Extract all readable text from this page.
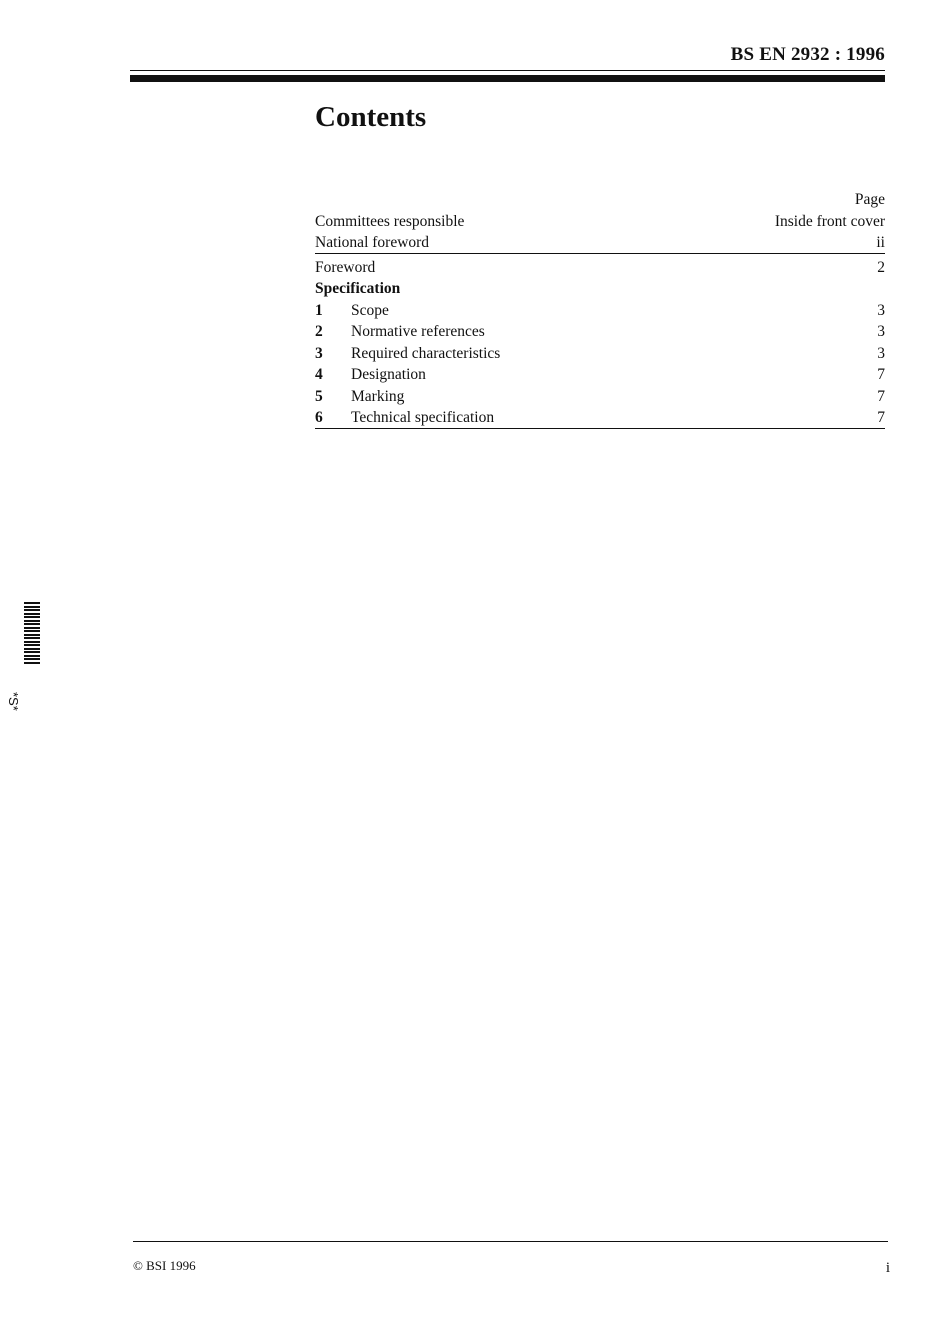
BS EN 2932 : 1996
Contents
Page
Committees responsible	Inside front cover
National foreword	ii
Foreword	2
Specification
1	Scope	3
2	Normative references	3
3	Required characteristics	3
4	Designation	7
5	Marking	7
6	Technical specification	7
*S*
© BSI 1996	i
